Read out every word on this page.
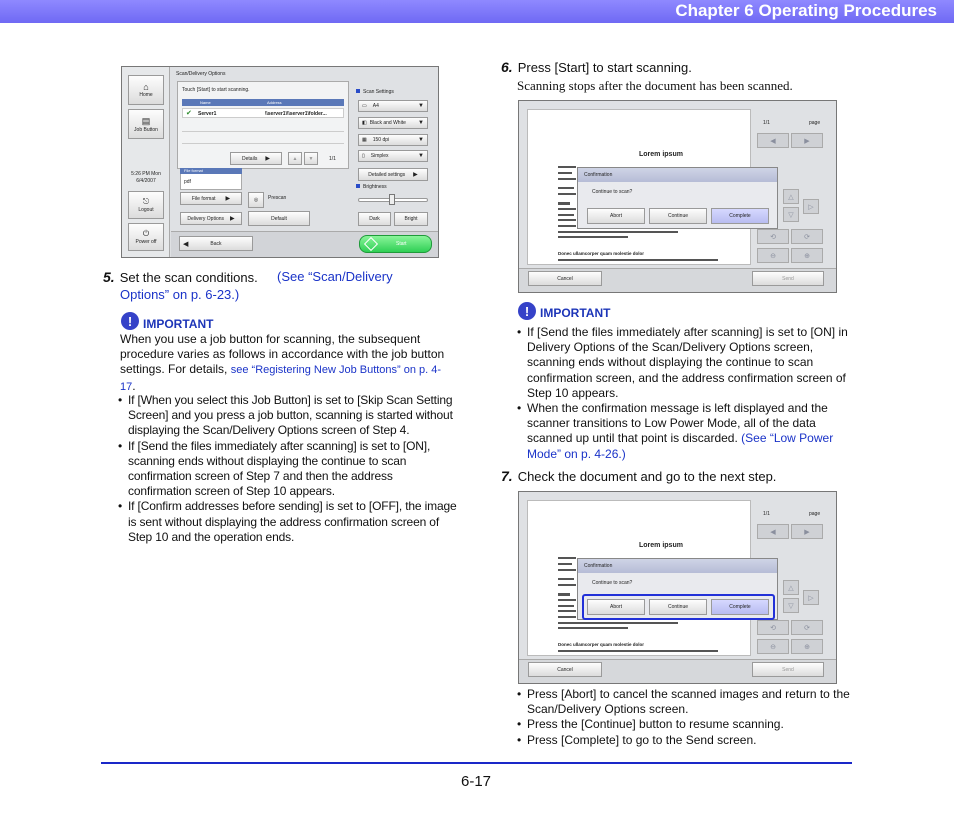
Chapter 6 Operating Procedures
⌂
Home
▤
Job Button
5:26 PM Mon
6/4/2007
⎋
Logout
⏻
Power off
Scan/Delivery Options
Touch [Start] to start scanning.
Name	Address
✔ Server1	\\server1\\\server1\folder...
Details ▶	▲	▼	1/1
File format
pdf
File format ▶
Delivery Options ▶
◎	Prescan
Default
Scan Settings
▭ A4	▼
◧ Black and White	▼
▦ 150 dpi	▼
▯ Simplex	▼
Detailed settings ▶
Brightness
Dark	Bright
◀	Back	Start
5. Set the scan conditions. (See “Scan/Delivery
Options” on p. 6-23.)
! IMPORTANT
When you use a job button for scanning, the subsequent procedure varies as follows in accordance with the job button settings. For details, see “Registering New Job Buttons” on p. 4-17.
• If [When you select this Job Button] is set to [Skip Scan Setting Screen] and you press a job button, scanning is started without displaying the Scan/Delivery Options screen of Step 4.
• If [Send the files immediately after scanning] is set to [ON], scanning ends without displaying the continue to scan confirmation screen of Step 7 and then the address confirmation screen of Step 10 appears.
• If [Confirm addresses before sending] is set to [OFF], the image is sent without displaying the address confirmation screen of Step 10 and the operation ends.
6. Press [Start] to start scanning.
Scanning stops after the document has been scanned.
Lorem ipsum
Donec ullamcorper quam molestie dolor
1/1	page
◀	▶
△
▷
▽
⟲	⟳
⊖	⊕
Cancel	Send
Confirmation
Continue to scan?
Abort	Continue	Complete
! IMPORTANT
• If [Send the files immediately after scanning] is set to [ON] in Delivery Options of the Scan/Delivery Options screen, scanning ends without displaying the continue to scan confirmation screen, and the address confirmation screen of Step 10 appears.
• When the confirmation message is left displayed and the scanner transitions to Low Power Mode, all of the data scanned up until that point is discarded. (See “Low Power Mode” on p. 4-26.)
7. Check the document and go to the next step.
Lorem ipsum
Donec ullamcorper quam molestie dolor
1/1	page
◀	▶
△
▷
▽
⟲	⟳
⊖	⊕
Cancel	Send
Confirmation
Continue to scan?
Abort	Continue	Complete
• Press [Abort] to cancel the scanned images and return to the Scan/Delivery Options screen.
• Press the [Continue] button to resume scanning.
• Press [Complete] to go to the Send screen.
6-17
